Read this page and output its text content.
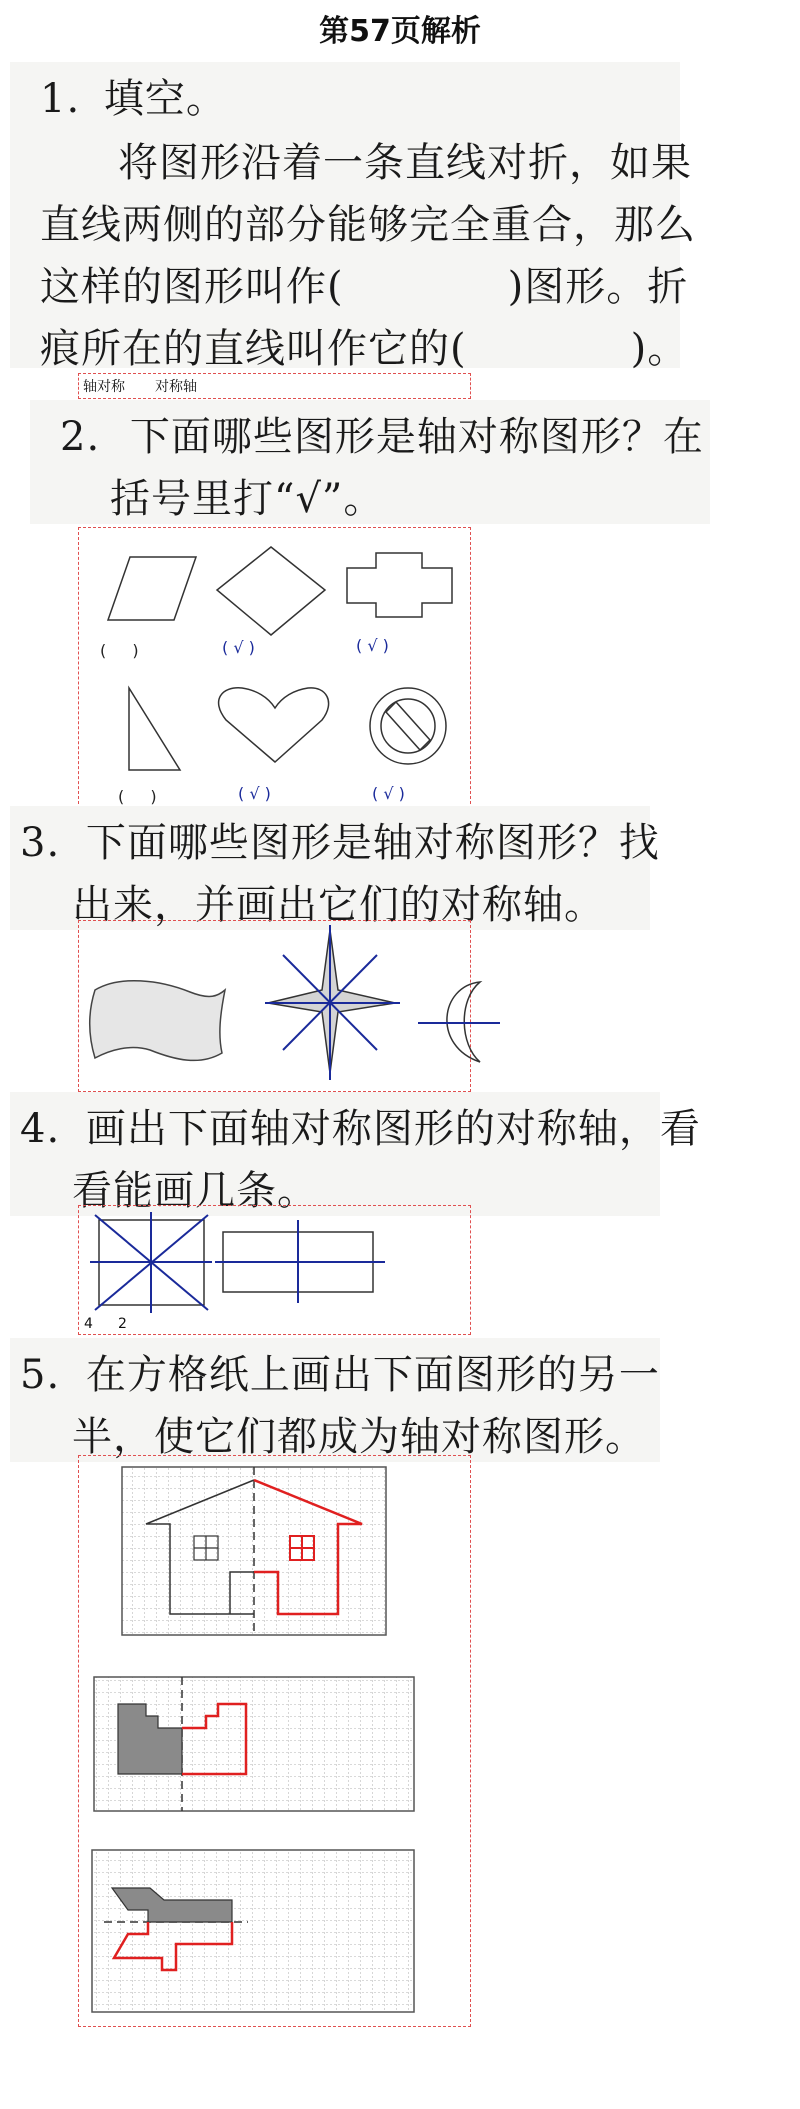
第57页解析
1. 填空。
将图形沿着一条直线对折，如果
直线两侧的部分能够完全重合，那么
这样的图形叫作(　　　　)图形。折
痕所在的直线叫作它的(　　　　)。
轴对称 对称轴
2. 下面哪些图形是轴对称图形？在
括号里打“√”。
( 　 )	( √ )	( √ )
( 　 )	( √ )	( √ )
3. 下面哪些图形是轴对称图形？找
出来，并画出它们的对称轴。
4. 画出下面轴对称图形的对称轴，看
看能画几条。
4 2
5. 在方格纸上画出下面图形的另一
半，使它们都成为轴对称图形。
